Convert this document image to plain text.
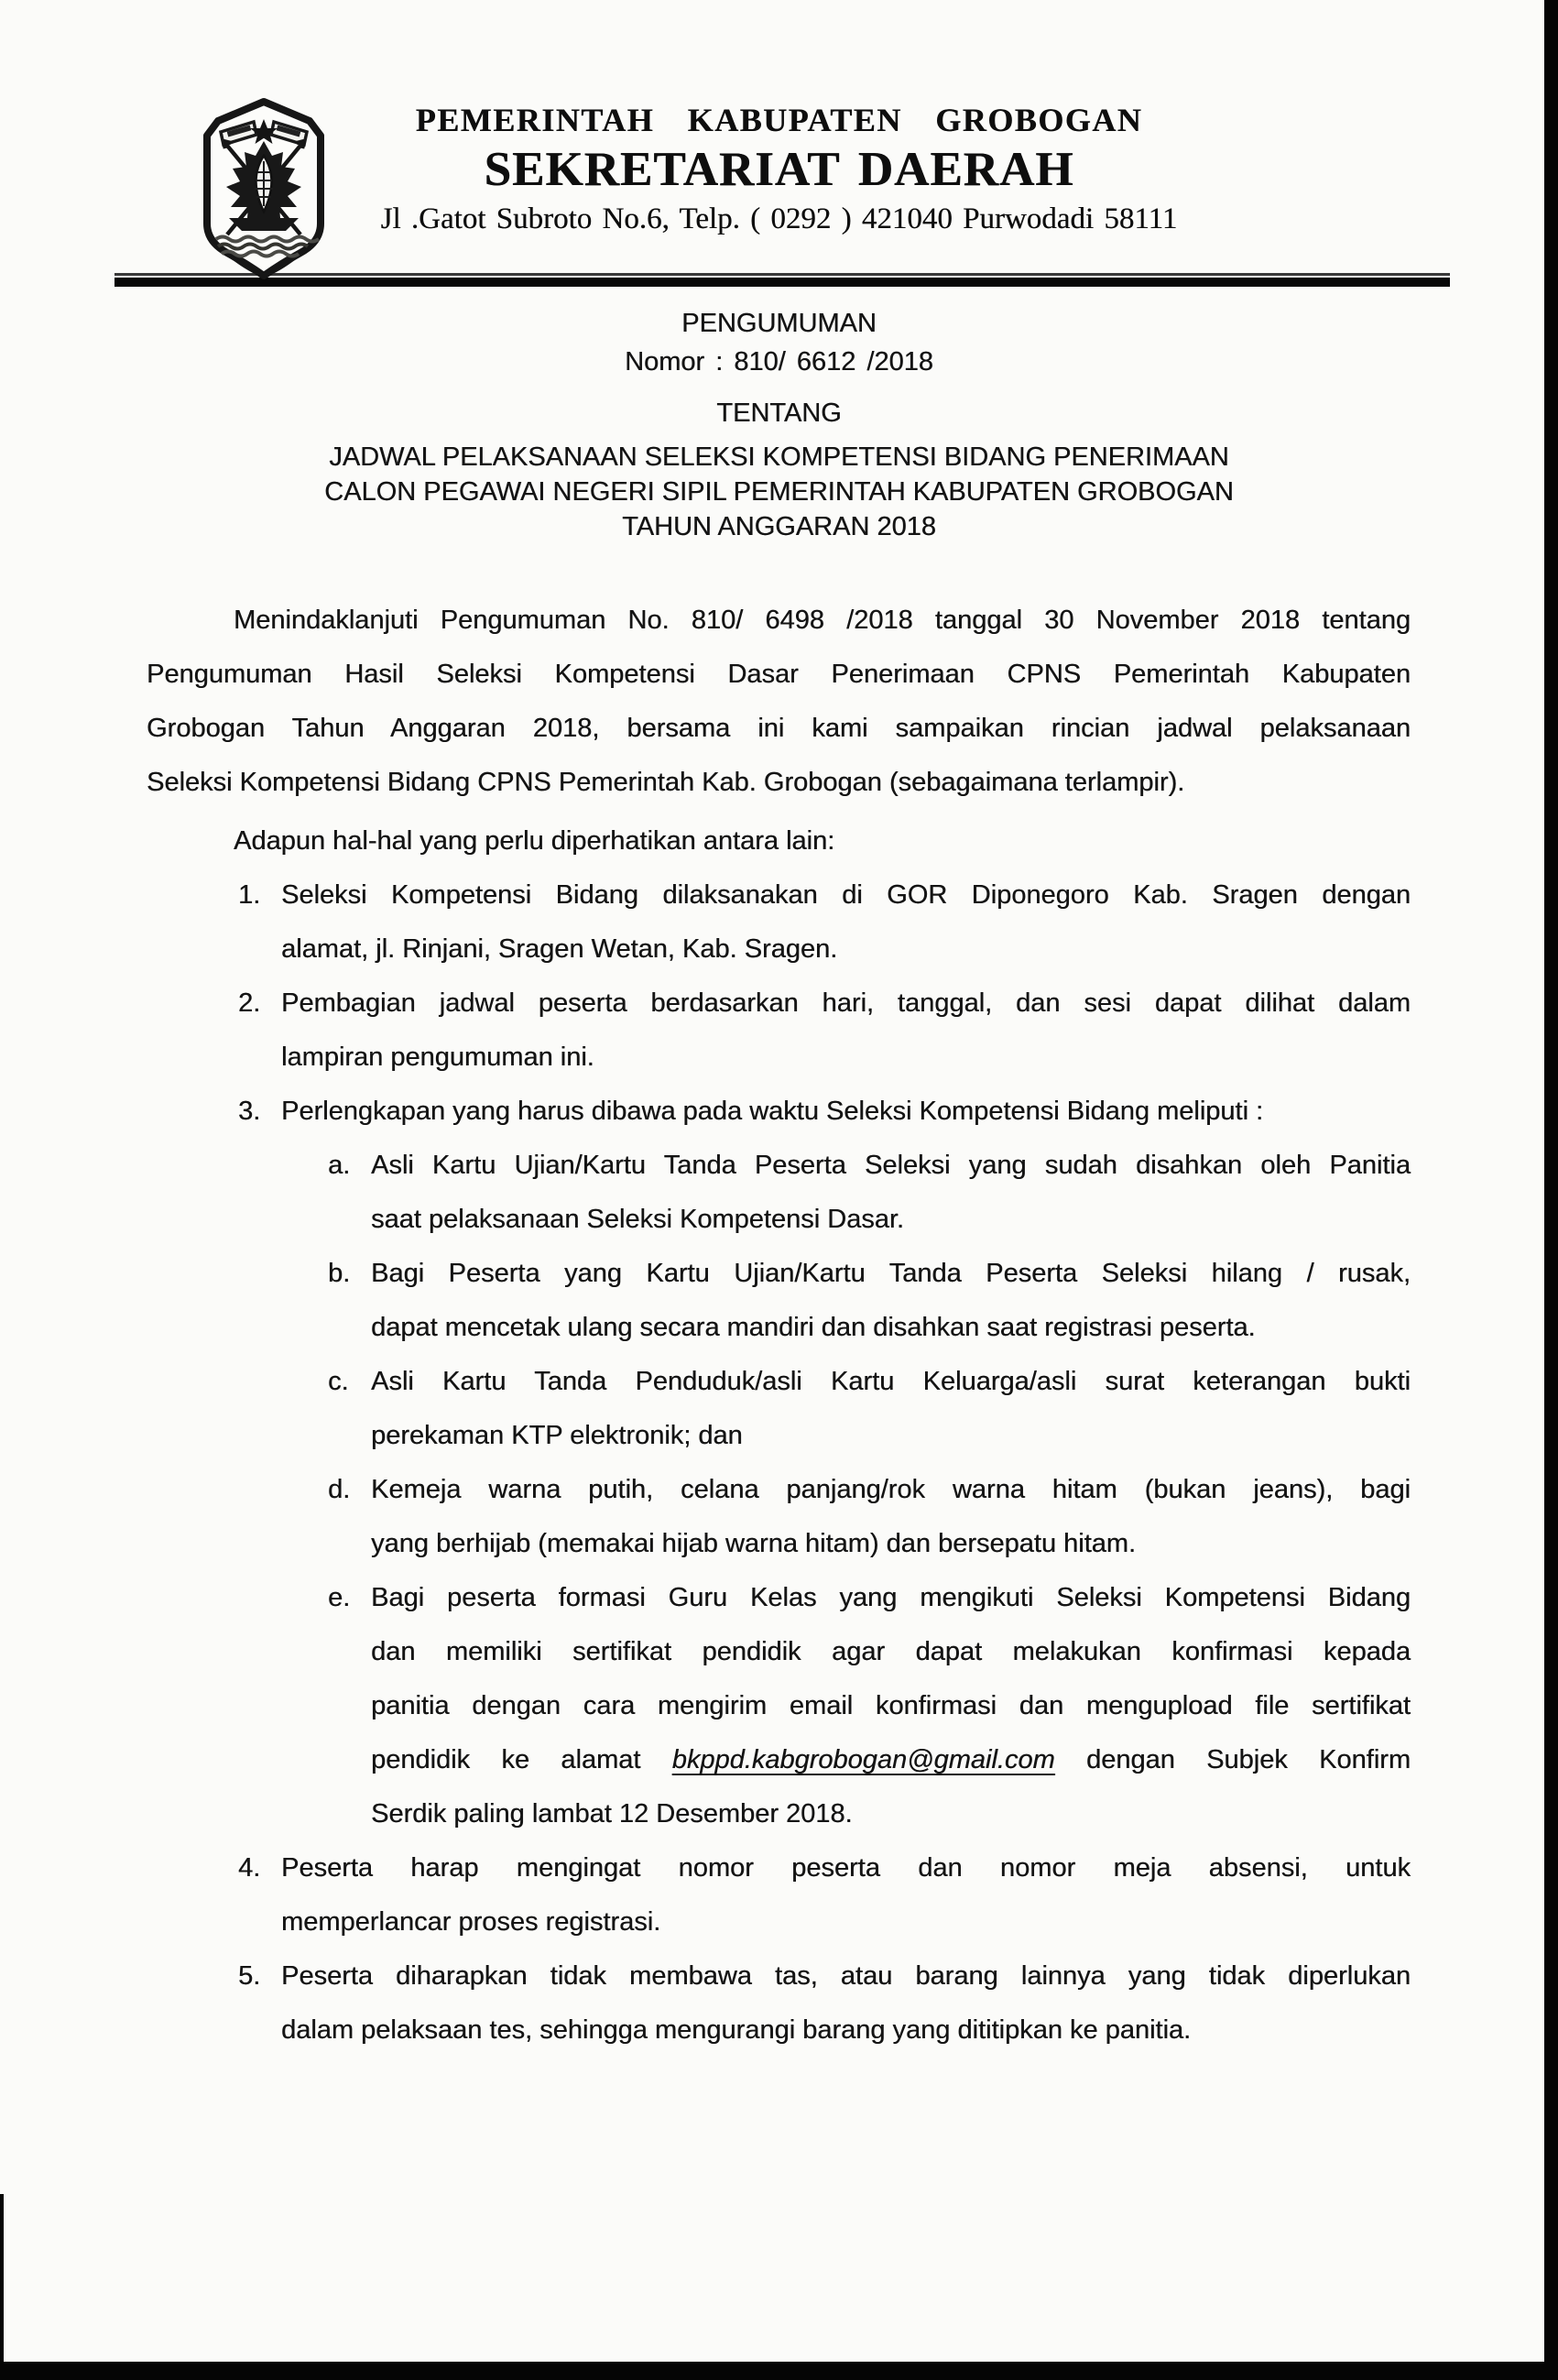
PEMERINTAH KABUPATEN GROBOGAN
SEKRETARIAT DAERAH
Jl .Gatot Subroto No.6, Telp. ( 0292 ) 421040 Purwodadi 58111
PENGUMUMAN
Nomor : 810/ 6612 /2018
TENTANG
JADWAL PELAKSANAAN SELEKSI KOMPETENSI BIDANG PENERIMAAN
CALON PEGAWAI NEGERI SIPIL PEMERINTAH KABUPATEN GROBOGAN
TAHUN ANGGARAN 2018
Menindaklanjuti Pengumuman No. 810/ 6498 /2018 tanggal 30 November 2018 tentang
Pengumuman Hasil Seleksi Kompetensi Dasar Penerimaan CPNS Pemerintah Kabupaten
Grobogan Tahun Anggaran 2018, bersama ini kami sampaikan rincian jadwal pelaksanaan
Seleksi Kompetensi Bidang CPNS Pemerintah Kab. Grobogan (sebagaimana terlampir).
Adapun hal-hal yang perlu diperhatikan antara lain:
1. Seleksi Kompetensi Bidang dilaksanakan di GOR Diponegoro Kab. Sragen dengan
alamat, jl. Rinjani, Sragen Wetan, Kab. Sragen.
2. Pembagian jadwal peserta berdasarkan hari, tanggal, dan sesi dapat dilihat dalam
lampiran pengumuman ini.
3. Perlengkapan yang harus dibawa pada waktu Seleksi Kompetensi Bidang meliputi :
a. Asli Kartu Ujian/Kartu Tanda Peserta Seleksi yang sudah disahkan oleh Panitia
saat pelaksanaan Seleksi Kompetensi Dasar.
b. Bagi Peserta yang Kartu Ujian/Kartu Tanda Peserta Seleksi hilang / rusak,
dapat mencetak ulang secara mandiri dan disahkan saat registrasi peserta.
c. Asli Kartu Tanda Penduduk/asli Kartu Keluarga/asli surat keterangan bukti
perekaman KTP elektronik; dan
d. Kemeja warna putih, celana panjang/rok warna hitam (bukan jeans), bagi
yang berhijab (memakai hijab warna hitam) dan bersepatu hitam.
e. Bagi peserta formasi Guru Kelas yang mengikuti Seleksi Kompetensi Bidang
dan memiliki sertifikat pendidik agar dapat melakukan konfirmasi kepada
panitia dengan cara mengirim email konfirmasi dan mengupload file sertifikat
pendidik ke alamat bkppd.kabgrobogan@gmail.com dengan Subjek Konfirm
Serdik paling lambat 12 Desember 2018.
4. Peserta harap mengingat nomor peserta dan nomor meja absensi, untuk
memperlancar proses registrasi.
5. Peserta diharapkan tidak membawa tas, atau barang lainnya yang tidak diperlukan
dalam pelaksaan tes, sehingga mengurangi barang yang dititipkan ke panitia.
